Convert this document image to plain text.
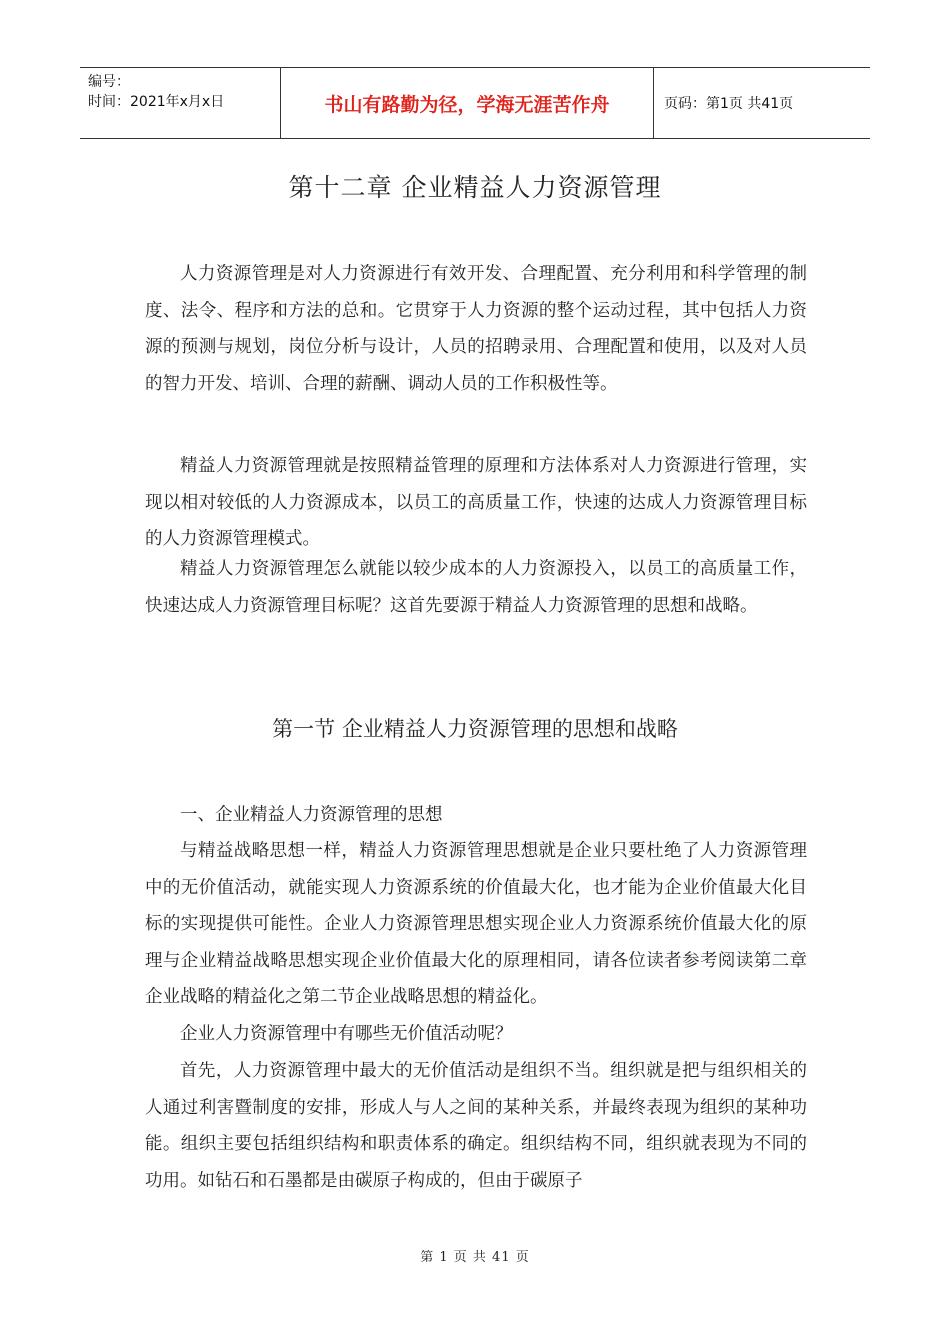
编号：
时间：2021年x月x日	书山有路勤为径，学海无涯苦作舟	页码：第1页 共41页
第十二章 企业精益人力资源管理

人力资源管理是对人力资源进行有效开发、合理配置、充分利用和科学管理的制度、法令、程序和方法的总和。它贯穿于人力资源的整个运动过程，其中包括人力资源的预测与规划，岗位分析与设计，人员的招聘录用、合理配置和使用，以及对人员的智力开发、培训、合理的薪酬、调动人员的工作积极性等。

精益人力资源管理就是按照精益管理的原理和方法体系对人力资源进行管理，实现以相对较低的人力资源成本，以员工的高质量工作，快速的达成人力资源管理目标的人力资源管理模式。

精益人力资源管理怎么就能以较少成本的人力资源投入，以员工的高质量工作，快速达成人力资源管理目标呢？这首先要源于精益人力资源管理的思想和战略。

第一节 企业精益人力资源管理的思想和战略
一、企业精益人力资源管理的思想

与精益战略思想一样，精益人力资源管理思想就是企业只要杜绝了人力资源管理中的无价值活动，就能实现人力资源系统的价值最大化，也才能为企业价值最大化目标的实现提供可能性。企业人力资源管理思想实现企业人力资源系统价值最大化的原理与企业精益战略思想实现企业价值最大化的原理相同，请各位读者参考阅读第二章企业战略的精益化之第二节企业战略思想的精益化。

企业人力资源管理中有哪些无价值活动呢？

首先，人力资源管理中最大的无价值活动是组织不当。组织就是把与组织相关的人通过利害暨制度的安排，形成人与人之间的某种关系，并最终表现为组织的某种功能。组织主要包括组织结构和职责体系的确定。组织结构不同，组织就表现为不同的功用。如钻石和石墨都是由碳原子构成的，但由于碳原子

第 1 页 共 41 页
